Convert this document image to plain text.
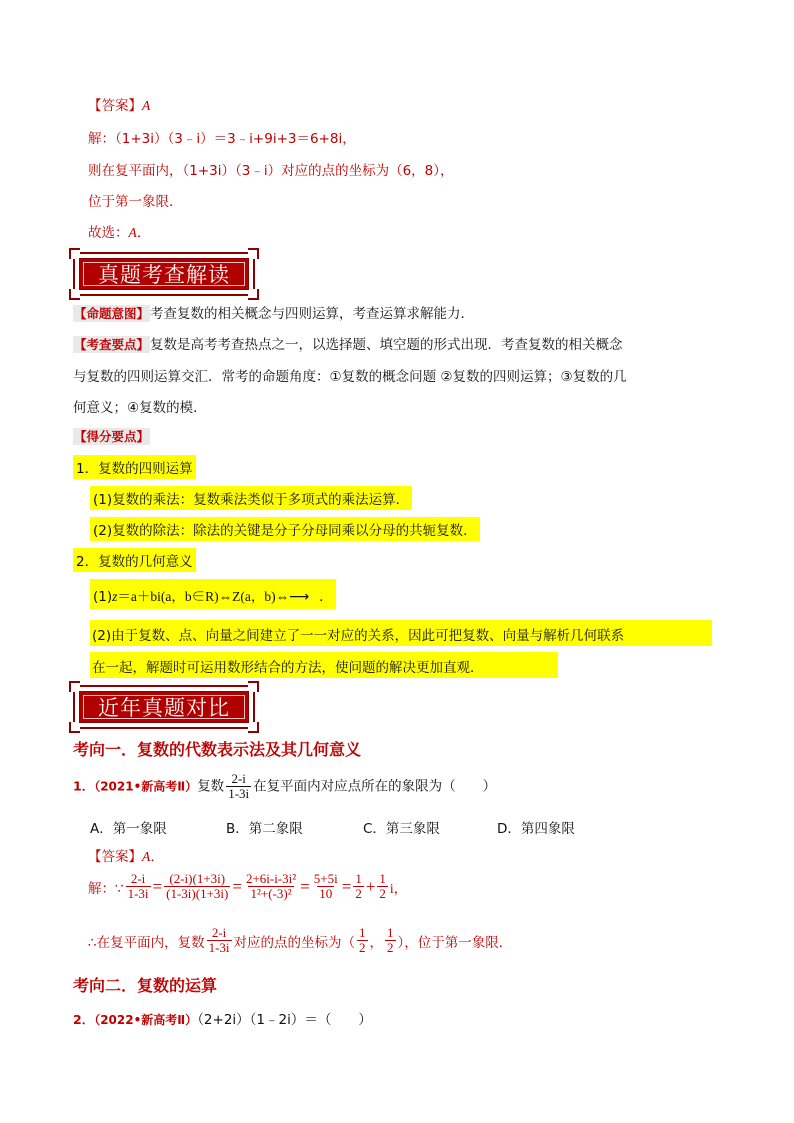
【答案】A
解：（1+3i）（3﹣i）＝3﹣i+9i+3＝6+8i，
则在复平面内，（1+3i）（3﹣i）对应的点的坐标为（6，8），
位于第一象限．
故选：A．
真题考查解读
【命题意图】考查复数的相关概念与四则运算，考查运算求解能力．
【考查要点】复数是高考考查热点之一，以选择题、填空题的形式出现．考查复数的相关概念
与复数的四则运算交汇．常考的命题角度：①复数的概念问题 ②复数的四则运算；③复数的几
何意义；④复数的模．
【得分要点】
1．复数的四则运算
(1)复数的乘法：复数乘法类似于多项式的乘法运算．
(2)复数的除法：除法的关键是分子分母同乘以分母的共轭复数．
2．复数的几何意义
(1)z＝a＋bi(a，b∈R)⇔Z(a，b)⇔ ⟶ ．
(2)由于复数、点、向量之间建立了一一对应的关系，因此可把复数、向量与解析几何联系
在一起，解题时可运用数形结合的方法，使问题的解决更加直观．
近年真题对比
考向一．复数的代数表示法及其几何意义
1．（2021•新高考Ⅱ）复数 $\frac{2-i}{1-3i}$ 在复平面内对应点所在的象限为（　　）
A．第一象限	B．第二象限	C．第三象限	D．第四象限
【答案】A．
解：∵ $\frac{2-i}{1-3i} = \frac{(2-i)(1+3i)}{(1-3i)(1+3i)} = \frac{\text{2+6i-i-3i²}}{\text{1²+(-3)²}} = \frac{5+5i}{10} = \frac{1}{2} + \frac{1}{2}$ i，
∴在复平面内，复数 $\frac{2-i}{1-3i}$ 对应的点的坐标为（ $\frac{1}{2}$ ， $\frac{1}{2}$ ），位于第一象限．
考向二．复数的运算
2．（2022•新高考Ⅱ）（2+2i）（1﹣2i）＝（　　）
